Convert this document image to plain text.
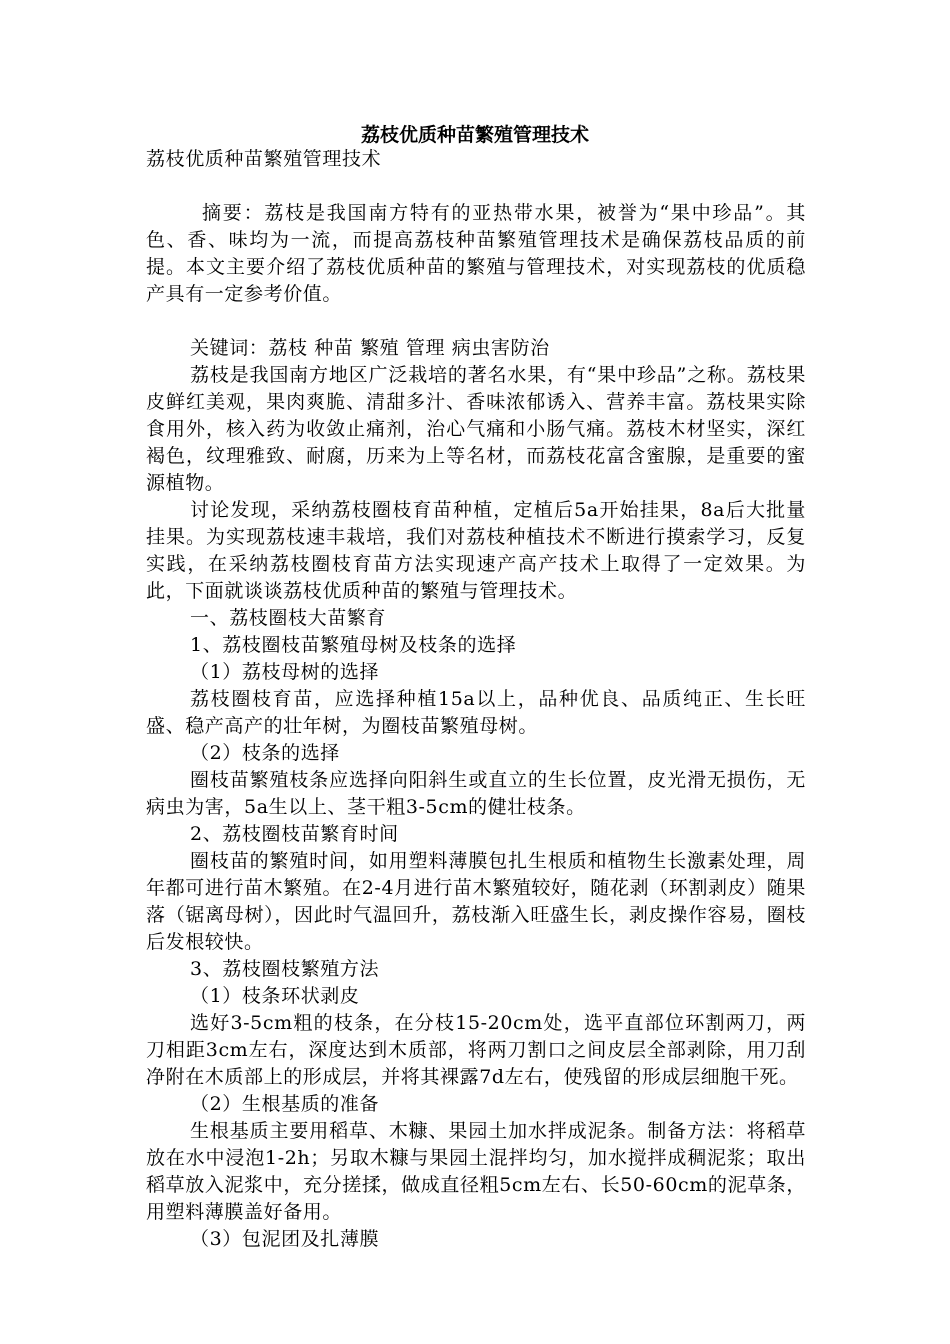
荔枝优质种苗繁殖管理技术

荔枝优质种苗繁殖管理技术

摘要：荔枝是我国南方特有的亚热带水果，被誉为“果中珍品”。其色、香、味均为一流，而提高荔枝种苗繁殖管理技术是确保荔枝品质的前提。本文主要介绍了荔枝优质种苗的繁殖与管理技术，对实现荔枝的优质稳产具有一定参考价值。

关键词：荔枝 种苗 繁殖 管理 病虫害防治

荔枝是我国南方地区广泛栽培的著名水果，有“果中珍品”之称。荔枝果皮鲜红美观，果肉爽脆、清甜多汁、香味浓郁诱入、营养丰富。荔枝果实除食用外，核入药为收敛止痛剂，治心气痛和小肠气痛。荔枝木材坚实，深红褐色，纹理雅致、耐腐，历来为上等名材，而荔枝花富含蜜腺，是重要的蜜源植物。

讨论发现，采纳荔枝圈枝育苗种植，定植后5a开始挂果，8a后大批量挂果。为实现荔枝速丰栽培，我们对荔枝种植技术不断进行摸索学习，反复实践，在采纳荔枝圈枝育苗方法实现速产高产技术上取得了一定效果。为此，下面就谈谈荔枝优质种苗的繁殖与管理技术。

一、荔枝圈枝大苗繁育

1、荔枝圈枝苗繁殖母树及枝条的选择

（1）荔枝母树的选择

荔枝圈枝育苗，应选择种植15a以上，品种优良、品质纯正、生长旺盛、稳产高产的壮年树，为圈枝苗繁殖母树。

（2）枝条的选择

圈枝苗繁殖枝条应选择向阳斜生或直立的生长位置，皮光滑无损伤，无病虫为害，5a生以上、茎干粗3-5cm的健壮枝条。

2、荔枝圈枝苗繁育时间

圈枝苗的繁殖时间，如用塑料薄膜包扎生根质和植物生长激素处理，周年都可进行苗木繁殖。在2-4月进行苗木繁殖较好，随花剥（环割剥皮）随果落（锯离母树），因此时气温回升，荔枝渐入旺盛生长，剥皮操作容易，圈枝后发根较快。

3、荔枝圈枝繁殖方法

（1）枝条环状剥皮

选好3-5cm粗的枝条，在分枝15-20cm处，选平直部位环割两刀，两刀相距3cm左右，深度达到木质部，将两刀割口之间皮层全部剥除，用刀刮净附在木质部上的形成层，并将其裸露7d左右，使残留的形成层细胞干死。

（2）生根基质的准备

生根基质主要用稻草、木糠、果园土加水拌成泥条。制备方法：将稻草放在水中浸泡1-2h；另取木糠与果园土混拌均匀，加水搅拌成稠泥浆；取出稻草放入泥浆中，充分搓揉，做成直径粗5cm左右、长50-60cm的泥草条，用塑料薄膜盖好备用。

（3）包泥团及扎薄膜
